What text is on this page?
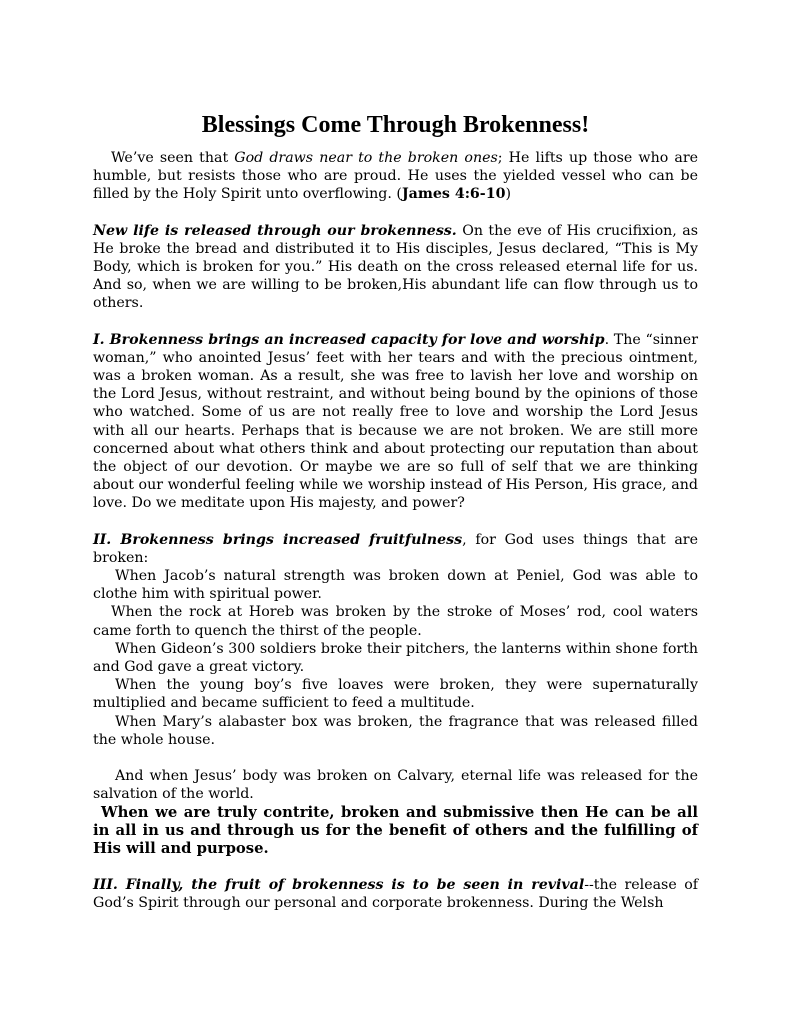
Blessings Come Through Brokenness!

We’ve seen that God draws near to the broken ones; He lifts up those who are humble, but resists those who are proud. He uses the yielded vessel who can be filled by the Holy Spirit unto overflowing. (James 4:6-10)

New life is released through our brokenness. On the eve of His crucifixion, as He broke the bread and distributed it to His disciples, Jesus declared, “This is My Body, which is broken for you.” His death on the cross released eternal life for us. And so, when we are willing to be broken,His abundant life can flow through us to others.

I. Brokenness brings an increased capacity for love and worship. The “sinner woman,” who anointed Jesus’ feet with her tears and with the precious ointment, was a broken woman. As a result, she was free to lavish her love and worship on the Lord Jesus, without restraint, and without being bound by the opinions of those who watched. Some of us are not really free to love and worship the Lord Jesus with all our hearts. Perhaps that is because we are not broken. We are still more concerned about what others think and about protecting our reputation than about the object of our devotion. Or maybe we are so full of self that we are thinking about our wonderful feeling while we worship instead of His Person, His grace, and love. Do we meditate upon His majesty, and power?

II. Brokenness brings increased fruitfulness, for God uses things that are broken:

When Jacob’s natural strength was broken down at Peniel, God was able to clothe him with spiritual power.

When the rock at Horeb was broken by the stroke of Moses’ rod, cool waters came forth to quench the thirst of the people.

When Gideon’s 300 soldiers broke their pitchers, the lanterns within shone forth and God gave a great victory.

When the young boy’s five loaves were broken, they were supernaturally multiplied and became sufficient to feed a multitude.

When Mary’s alabaster box was broken, the fragrance that was released filled the whole house.

And when Jesus’ body was broken on Calvary, eternal life was released for the salvation of the world.

When we are truly contrite, broken and submissive then He can be all in all in us and through us for the benefit of others and the fulfilling of His will and purpose.

III. Finally, the fruit of brokenness is to be seen in revival--the release of God’s Spirit through our personal and corporate brokenness. During the Welsh
